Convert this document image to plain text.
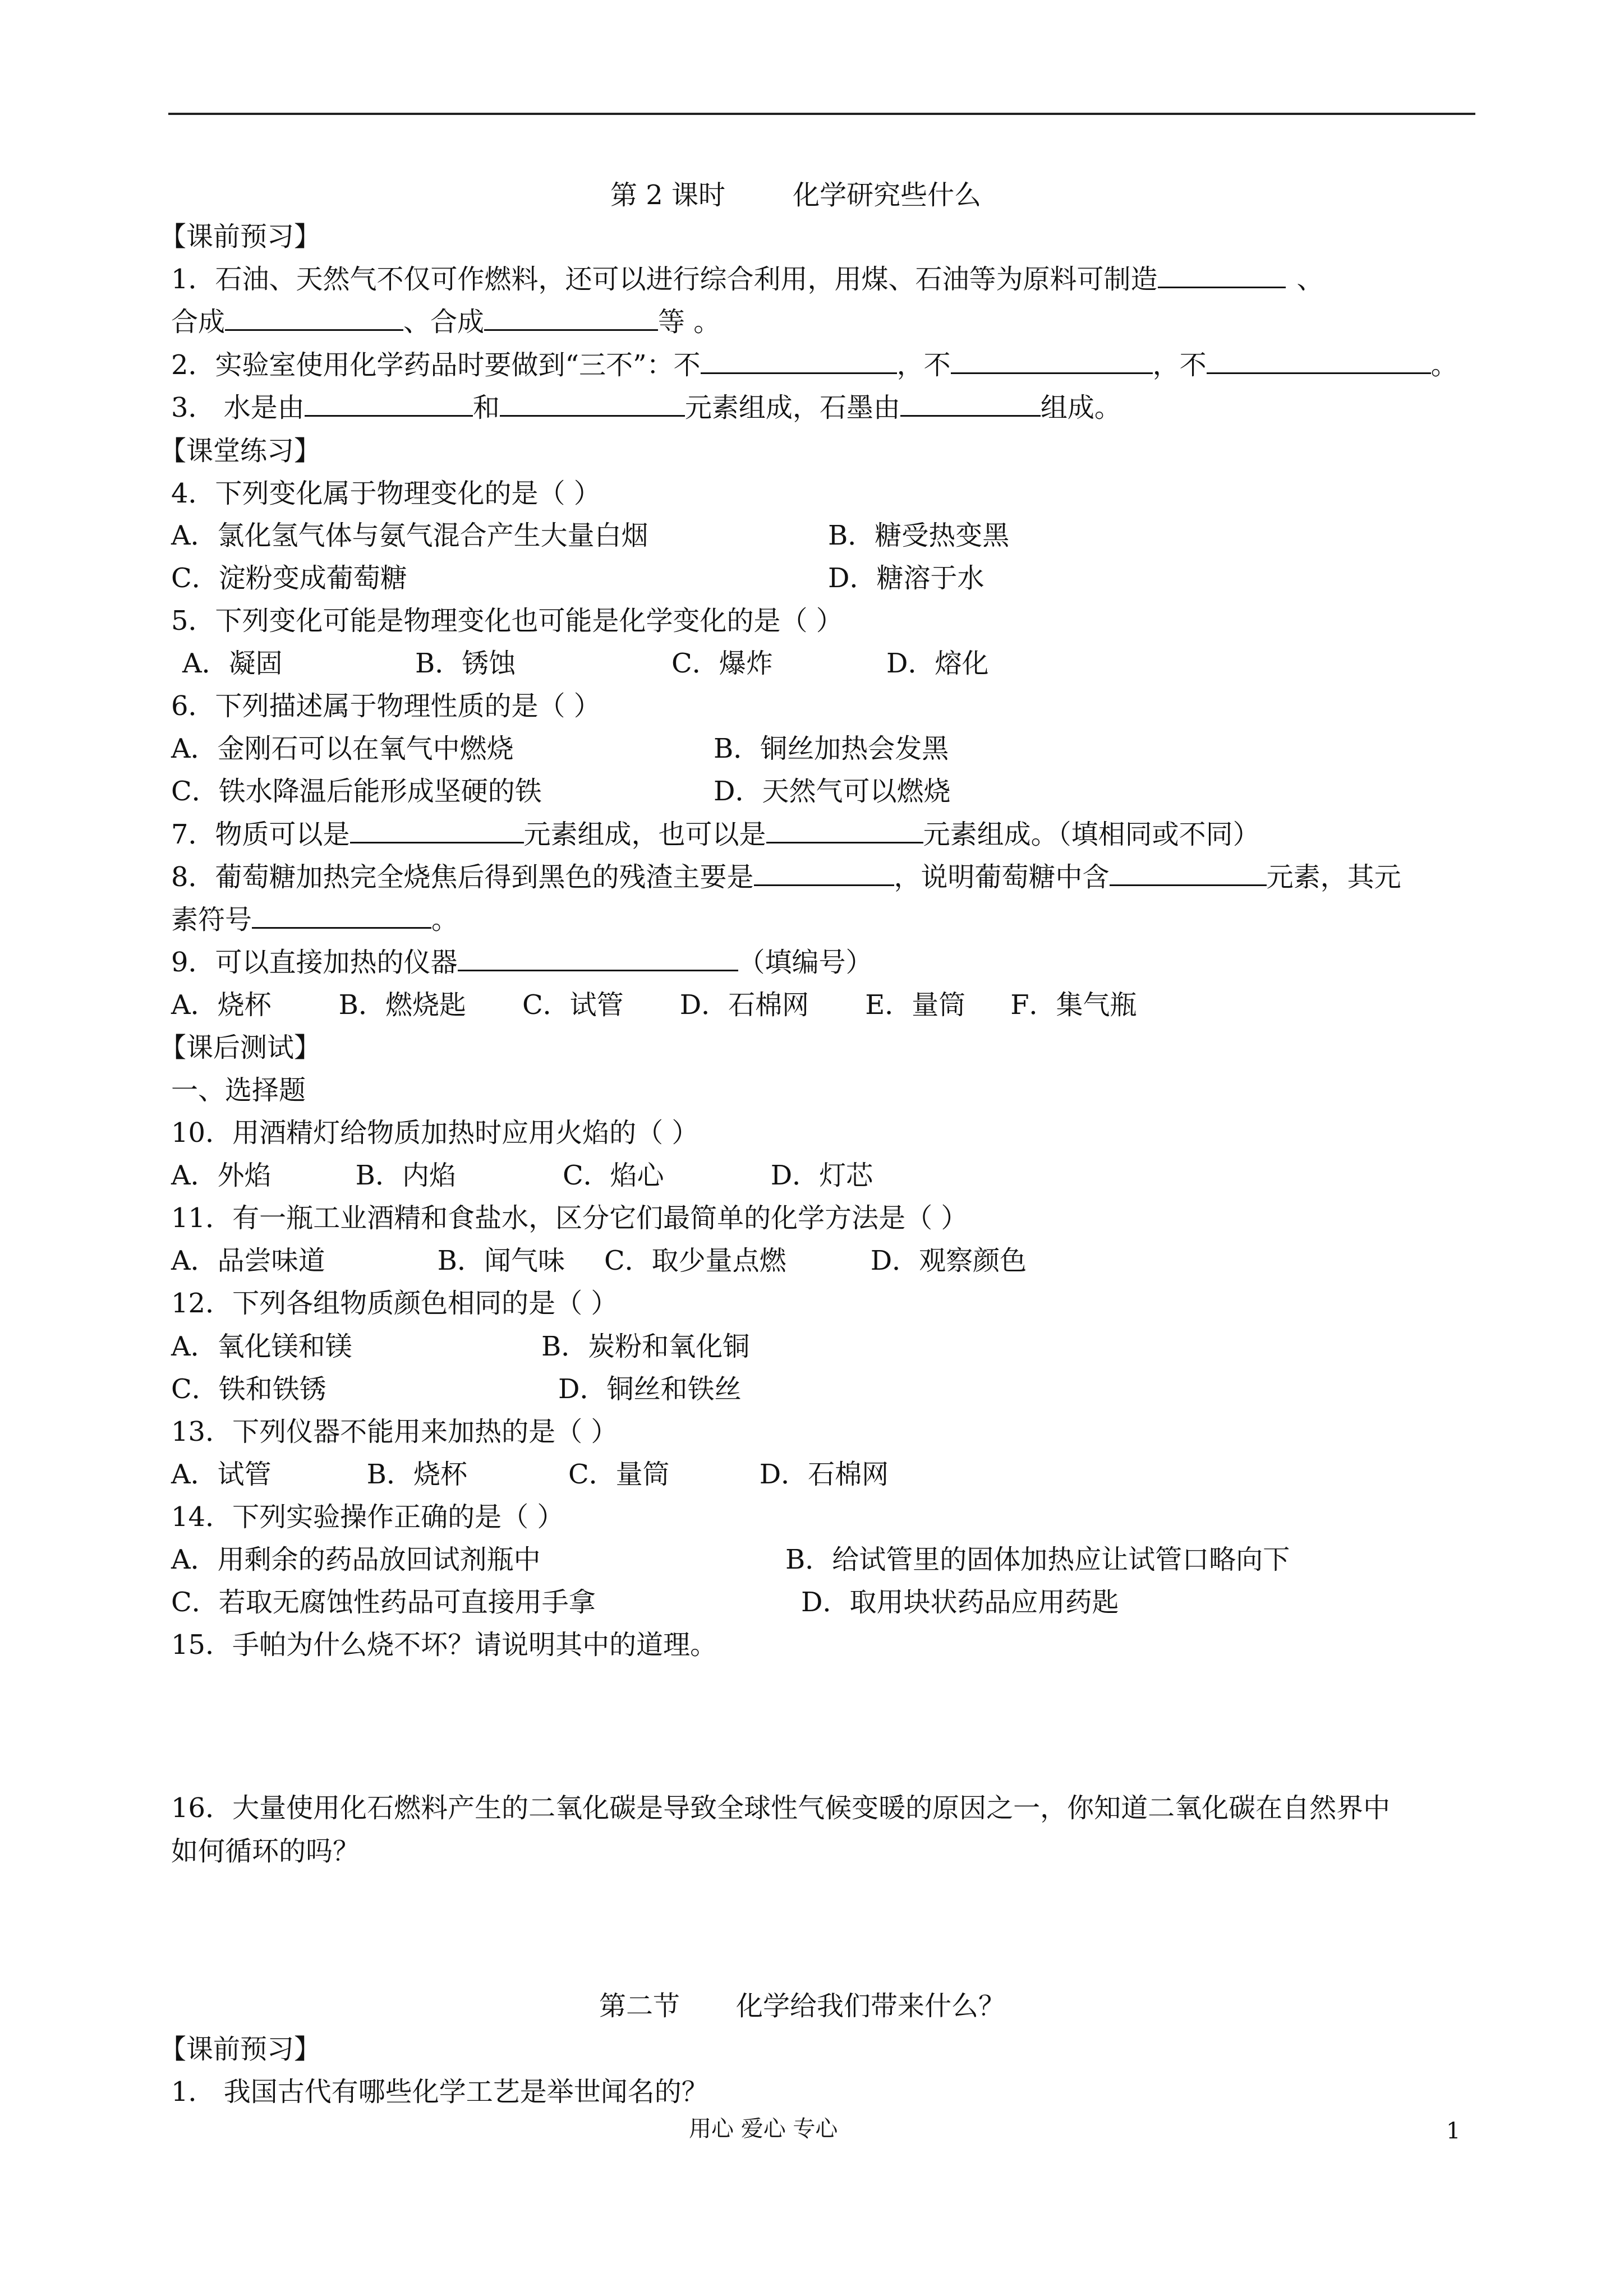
第 2 课时	化学研究些什么
【课前预习】
1．石油、天然气不仅可作燃料，还可以进行综合利用，用煤、石油等为原料可制造	、
合成	、合成	等 。
2．实验室使用化学药品时要做到“三不”：不	，不	，不	。
3． 水是由	和	元素组成，石墨由	组成。
【课堂练习】
4．下列变化属于物理变化的是（ ）
A．氯化氢气体与氨气混合产生大量白烟	B．糖受热变黑
C．淀粉变成葡萄糖	D．糖溶于水
5．下列变化可能是物理变化也可能是化学变化的是（ ）
A．凝固	B．锈蚀	C．爆炸	D．熔化
6．下列描述属于物理性质的是（ ）
A．金刚石可以在氧气中燃烧	B．铜丝加热会发黑
C．铁水降温后能形成坚硬的铁	D．天然气可以燃烧
7．物质可以是	元素组成，也可以是	元素组成。（填相同或不同）
8．葡萄糖加热完全烧焦后得到黑色的残渣主要是	，说明葡萄糖中含	元素，其元
素符号	。
9．可以直接加热的仪器	（填编号）
A．烧杯	B．燃烧匙 C．试管 D．石棉网 E．量筒 F．集气瓶
【课后测试】
一、选择题
10．用酒精灯给物质加热时应用火焰的（ ）
A．外焰	B．内焰	C．焰心	D．灯芯
11．有一瓶工业酒精和食盐水，区分它们最简单的化学方法是（ ）
A．品尝味道	B．闻气味 C．取少量点燃	D．观察颜色
12．下列各组物质颜色相同的是（ ）
A．氧化镁和镁	B．炭粉和氧化铜
C．铁和铁锈	D．铜丝和铁丝
13．下列仪器不能用来加热的是（ ）
A．试管	B．烧杯	C．量筒	D．石棉网
14．下列实验操作正确的是（ ）
A．用剩余的药品放回试剂瓶中	B．给试管里的固体加热应让试管口略向下
C．若取无腐蚀性药品可直接用手拿	D．取用块状药品应用药匙
15．手帕为什么烧不坏？请说明其中的道理。
16．大量使用化石燃料产生的二氧化碳是导致全球性气候变暖的原因之一，你知道二氧化碳在自然界中
如何循环的吗？
第二节 化学给我们带来什么？
【课前预习】
1． 我国古代有哪些化学工艺是举世闻名的？
用心 爱心 专心	1
